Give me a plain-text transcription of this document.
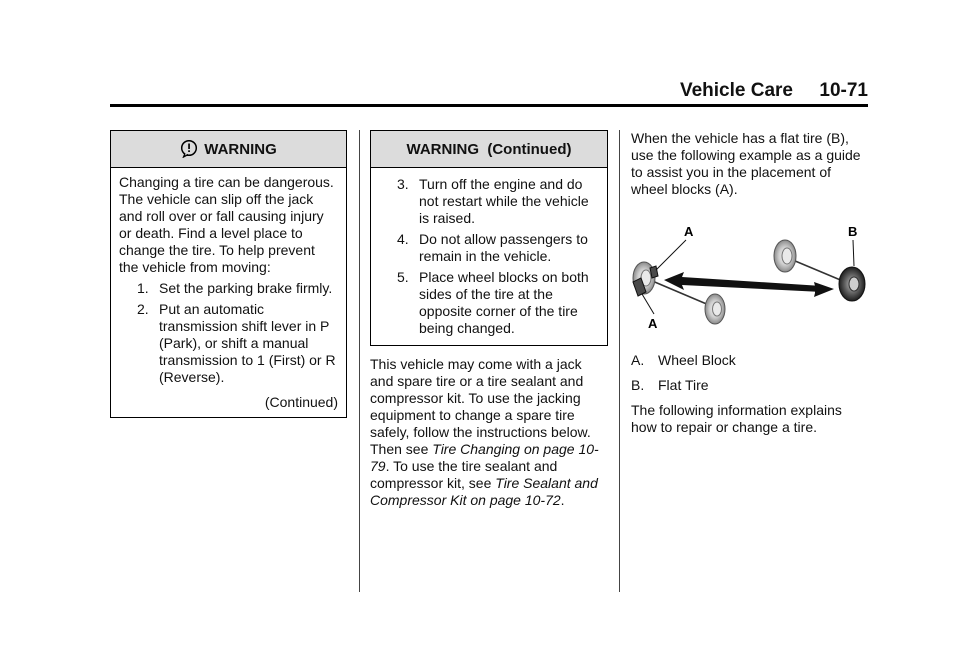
Vehicle Care     10-71
WARNING

Changing a tire can be dangerous. The vehicle can slip off the jack and roll over or fall causing injury or death. Find a level place to change the tire. To help prevent the vehicle from moving:

1. Set the parking brake firmly.
2. Put an automatic transmission shift lever in P (Park), or shift a manual transmission to 1 (First) or R (Reverse).
(Continued)
WARNING  (Continued)
3. Turn off the engine and do not restart while the vehicle is raised.
4. Do not allow passengers to remain in the vehicle.
5. Place wheel blocks on both sides of the tire at the opposite corner of the tire being changed.

This vehicle may come with a jack and spare tire or a tire sealant and compressor kit. To use the jacking equipment to change a spare tire safely, follow the instructions below. Then see Tire Changing on page 10-79. To use the tire sealant and compressor kit, see Tire Sealant and Compressor Kit on page 10-72.

When the vehicle has a flat tire (B), use the following example as a guide to assist you in the placement of wheel blocks (A).

A
A
B

A. Wheel Block

B. Flat Tire

The following information explains how to repair or change a tire.
